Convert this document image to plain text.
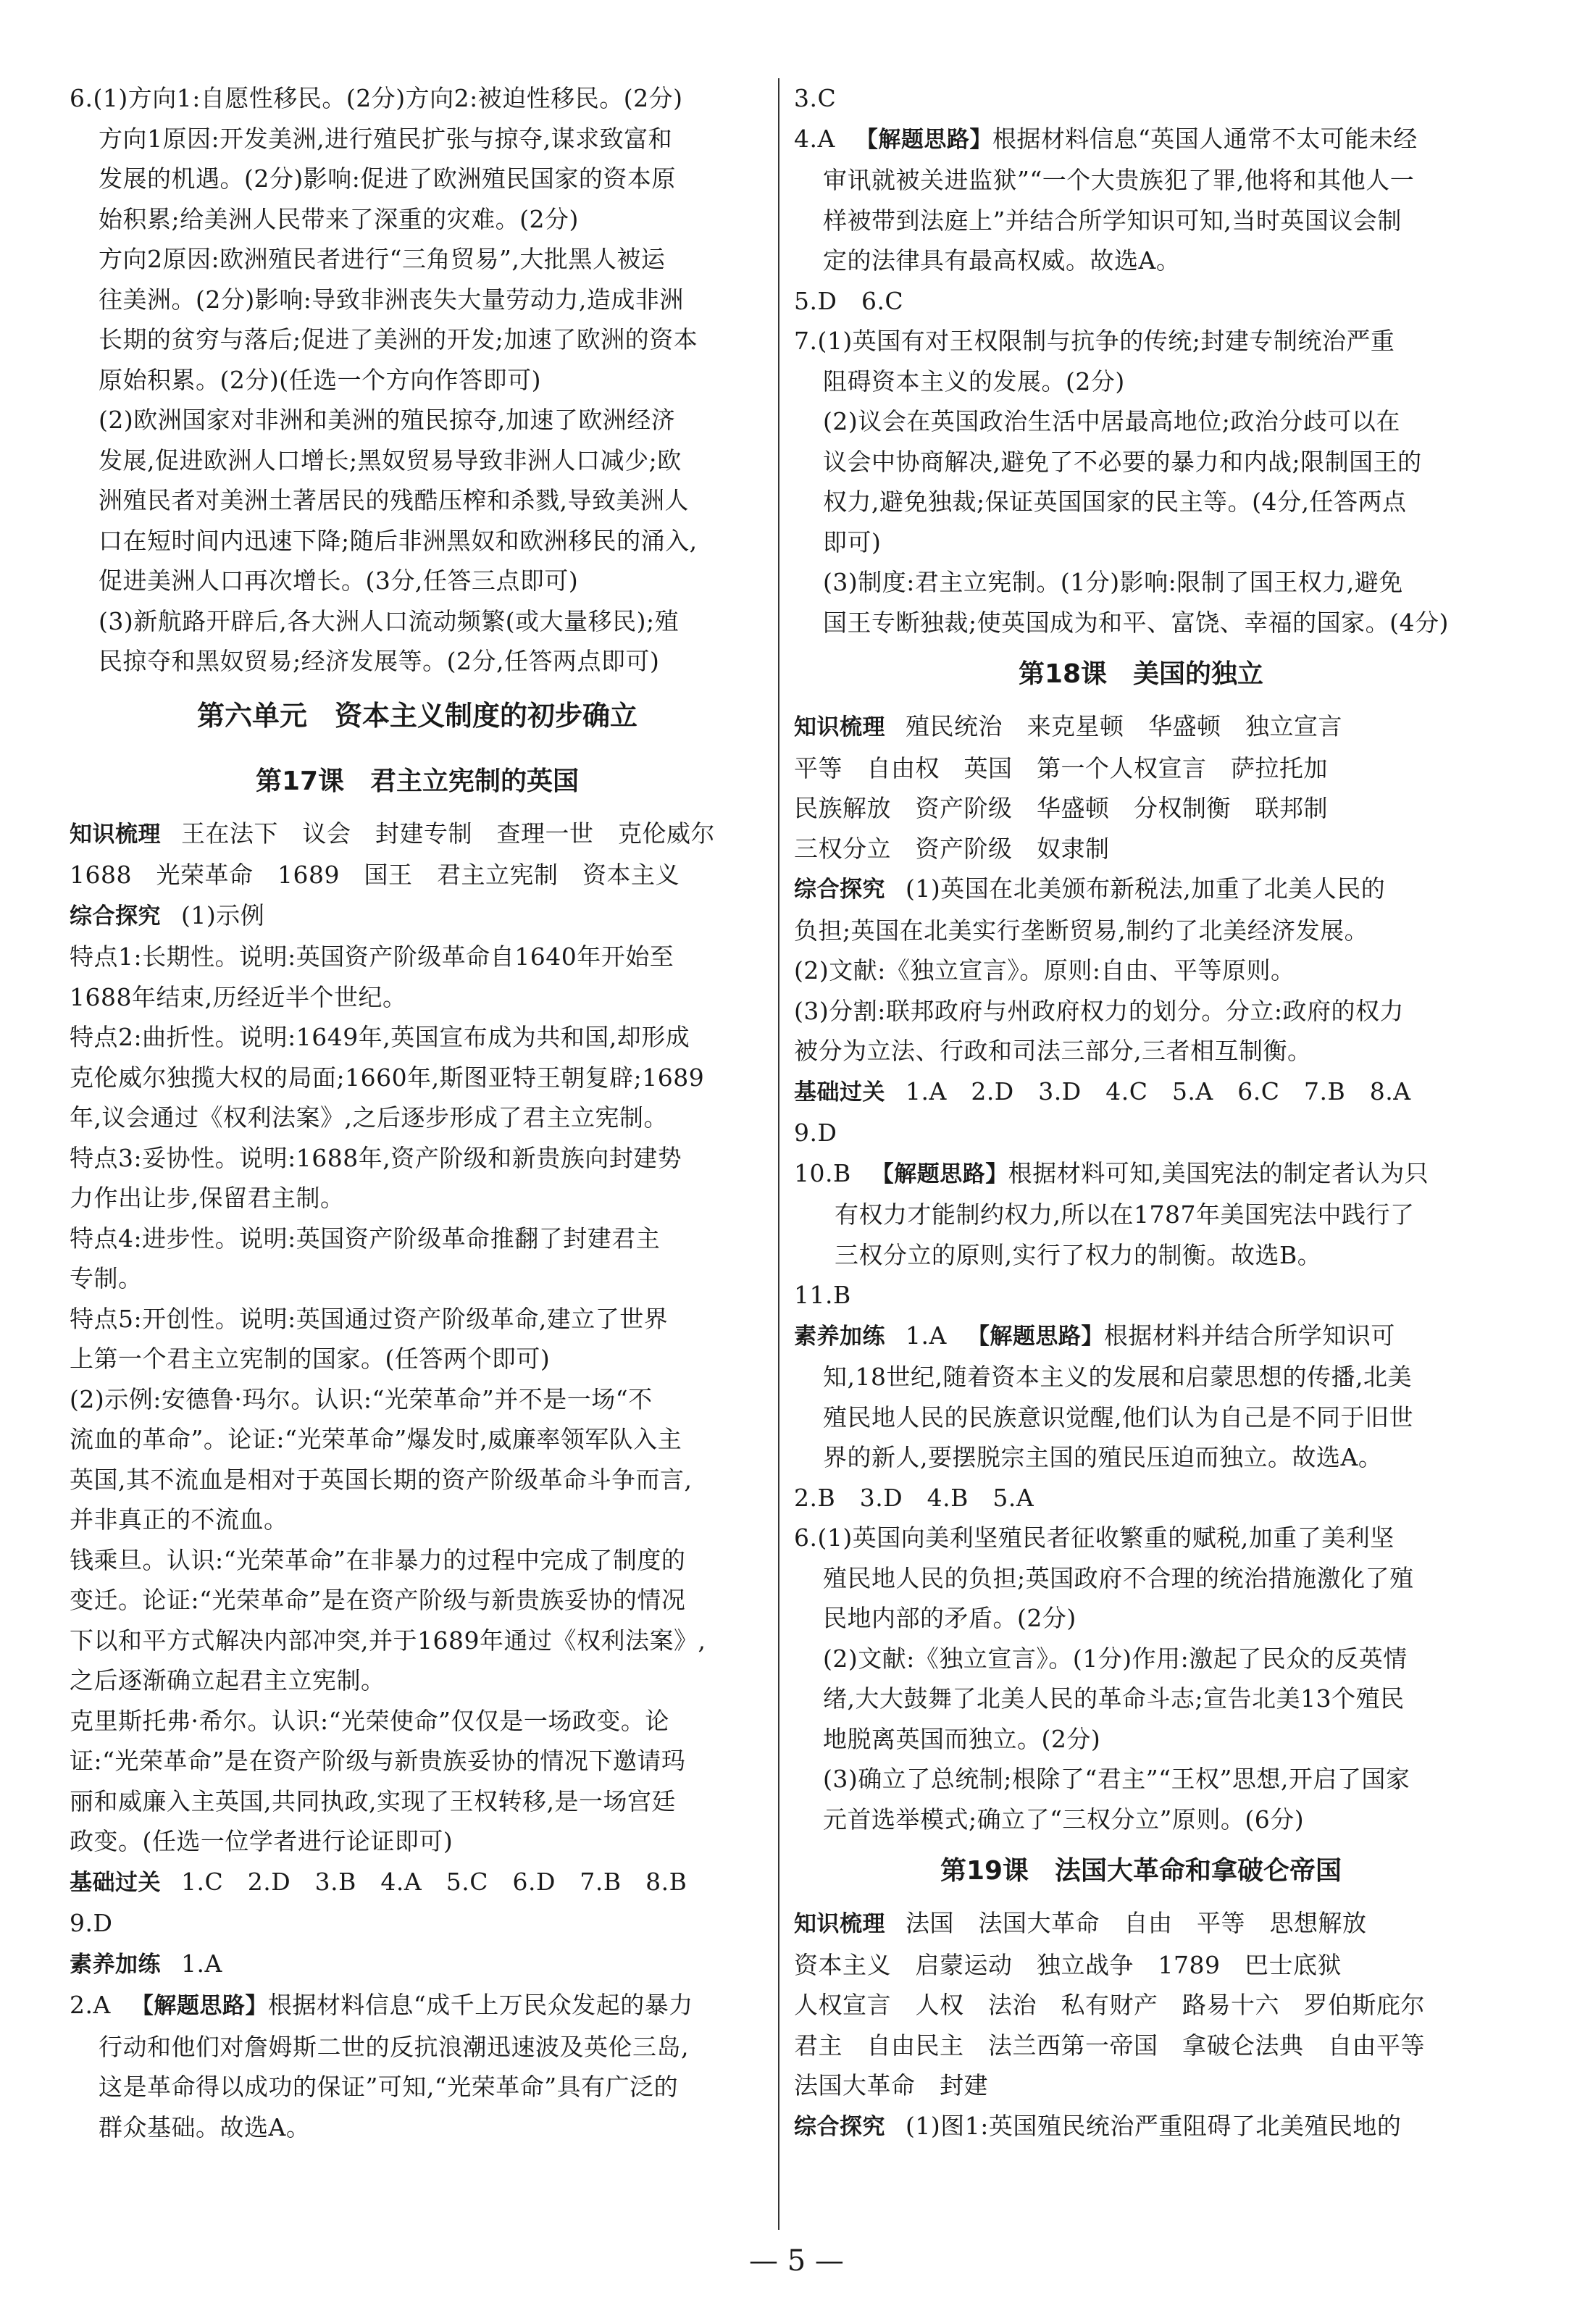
6.(1)方向1:自愿性移民。(2分)方向2:被迫性移民。(2分)
方向1原因:开发美洲,进行殖民扩张与掠夺,谋求致富和
发展的机遇。(2分)影响:促进了欧洲殖民国家的资本原
始积累;给美洲人民带来了深重的灾难。(2分)
方向2原因:欧洲殖民者进行“三角贸易”,大批黑人被运
往美洲。(2分)影响:导致非洲丧失大量劳动力,造成非洲
长期的贫穷与落后;促进了美洲的开发;加速了欧洲的资本
原始积累。(2分)(任选一个方向作答即可)
(2)欧洲国家对非洲和美洲的殖民掠夺,加速了欧洲经济
发展,促进欧洲人口增长;黑奴贸易导致非洲人口减少;欧
洲殖民者对美洲土著居民的残酷压榨和杀戮,导致美洲人
口在短时间内迅速下降;随后非洲黑奴和欧洲移民的涌入,
促进美洲人口再次增长。(3分,任答三点即可)
(3)新航路开辟后,各大洲人口流动频繁(或大量移民);殖
民掠夺和黑奴贸易;经济发展等。(2分,任答两点即可)
第六单元　资本主义制度的初步确立
第17课　君主立宪制的英国
知识梳理 王在法下　议会　封建专制　查理一世　克伦威尔
1688　光荣革命　1689　国王　君主立宪制　资本主义
综合探究 (1)示例
特点1:长期性。说明:英国资产阶级革命自1640年开始至
1688年结束,历经近半个世纪。
特点2:曲折性。说明:1649年,英国宣布成为共和国,却形成
克伦威尔独揽大权的局面;1660年,斯图亚特王朝复辟;1689
年,议会通过《权利法案》,之后逐步形成了君主立宪制。
特点3:妥协性。说明:1688年,资产阶级和新贵族向封建势
力作出让步,保留君主制。
特点4:进步性。说明:英国资产阶级革命推翻了封建君主
专制。
特点5:开创性。说明:英国通过资产阶级革命,建立了世界
上第一个君主立宪制的国家。(任答两个即可)
(2)示例:安德鲁·玛尔。认识:“光荣革命”并不是一场“不
流血的革命”。论证:“光荣革命”爆发时,威廉率领军队入主
英国,其不流血是相对于英国长期的资产阶级革命斗争而言,
并非真正的不流血。
钱乘旦。认识:“光荣革命”在非暴力的过程中完成了制度的
变迁。论证:“光荣革命”是在资产阶级与新贵族妥协的情况
下以和平方式解决内部冲突,并于1689年通过《权利法案》,
之后逐渐确立起君主立宪制。
克里斯托弗·希尔。认识:“光荣使命”仅仅是一场政变。论
证:“光荣革命”是在资产阶级与新贵族妥协的情况下邀请玛
丽和威廉入主英国,共同执政,实现了王权转移,是一场宫廷
政变。(任选一位学者进行论证即可)
基础过关 1.C　2.D　3.B　4.A　5.C　6.D　7.B　8.B
9.D
素养加练 1.A
2.A 【解题思路】根据材料信息“成千上万民众发起的暴力
行动和他们对詹姆斯二世的反抗浪潮迅速波及英伦三岛,
这是革命得以成功的保证”可知,“光荣革命”具有广泛的
群众基础。故选A。
3.C
4.A 【解题思路】根据材料信息“英国人通常不太可能未经
审讯就被关进监狱”“一个大贵族犯了罪,他将和其他人一
样被带到法庭上”并结合所学知识可知,当时英国议会制
定的法律具有最高权威。故选A。
5.D　6.C
7.(1)英国有对王权限制与抗争的传统;封建专制统治严重
阻碍资本主义的发展。(2分)
(2)议会在英国政治生活中居最高地位;政治分歧可以在
议会中协商解决,避免了不必要的暴力和内战;限制国王的
权力,避免独裁;保证英国国家的民主等。(4分,任答两点
即可)
(3)制度:君主立宪制。(1分)影响:限制了国王权力,避免
国王专断独裁;使英国成为和平、富饶、幸福的国家。(4分)
第18课　美国的独立
知识梳理 殖民统治　来克星顿　华盛顿　独立宣言
平等　自由权　英国　第一个人权宣言　萨拉托加
民族解放　资产阶级　华盛顿　分权制衡　联邦制
三权分立　资产阶级　奴隶制
综合探究 (1)英国在北美颁布新税法,加重了北美人民的
负担;英国在北美实行垄断贸易,制约了北美经济发展。
(2)文献:《独立宣言》。原则:自由、平等原则。
(3)分割:联邦政府与州政府权力的划分。分立:政府的权力
被分为立法、行政和司法三部分,三者相互制衡。
基础过关 1.A　2.D　3.D　4.C　5.A　6.C　7.B　8.A
9.D
10.B 【解题思路】根据材料可知,美国宪法的制定者认为只
有权力才能制约权力,所以在1787年美国宪法中践行了
三权分立的原则,实行了权力的制衡。故选B。
11.B
素养加练 1.A 【解题思路】根据材料并结合所学知识可
知,18世纪,随着资本主义的发展和启蒙思想的传播,北美
殖民地人民的民族意识觉醒,他们认为自己是不同于旧世
界的新人,要摆脱宗主国的殖民压迫而独立。故选A。
2.B　3.D　4.B　5.A
6.(1)英国向美利坚殖民者征收繁重的赋税,加重了美利坚
殖民地人民的负担;英国政府不合理的统治措施激化了殖
民地内部的矛盾。(2分)
(2)文献:《独立宣言》。(1分)作用:激起了民众的反英情
绪,大大鼓舞了北美人民的革命斗志;宣告北美13个殖民
地脱离英国而独立。(2分)
(3)确立了总统制;根除了“君主”“王权”思想,开启了国家
元首选举模式;确立了“三权分立”原则。(6分)
第19课　法国大革命和拿破仑帝国
知识梳理 法国　法国大革命　自由　平等　思想解放
资本主义　启蒙运动　独立战争　1789　巴士底狱
人权宣言　人权　法治　私有财产　路易十六　罗伯斯庇尔
君主　自由民主　法兰西第一帝国　拿破仑法典　自由平等
法国大革命　封建
综合探究 (1)图1:英国殖民统治严重阻碍了北美殖民地的
— 5 —
